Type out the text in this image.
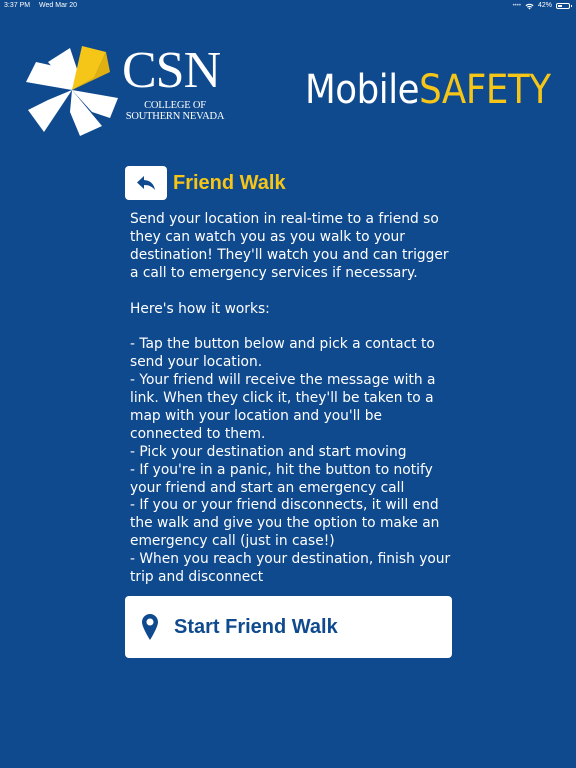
3:37 PM Wed Mar 20	•••• 42%
CSN
COLLEGE OF
SOUTHERN NEVADA
MobileSAFETY
Friend Walk

Send your location in real-time to a friend so
they can watch you as you walk to your
destination! They'll watch you and can trigger
a call to emergency services if necessary.

Here's how it works:

- Tap the button below and pick a contact to
send your location.
- Your friend will receive the message with a
link. When they click it, they'll be taken to a
map with your location and you'll be
connected to them.
- Pick your destination and start moving
- If you're in a panic, hit the button to notify
your friend and start an emergency call
- If you or your friend disconnects, it will end
the walk and give you the option to make an
emergency call (just in case!)
- When you reach your destination, finish your
trip and disconnect
Start Friend Walk
